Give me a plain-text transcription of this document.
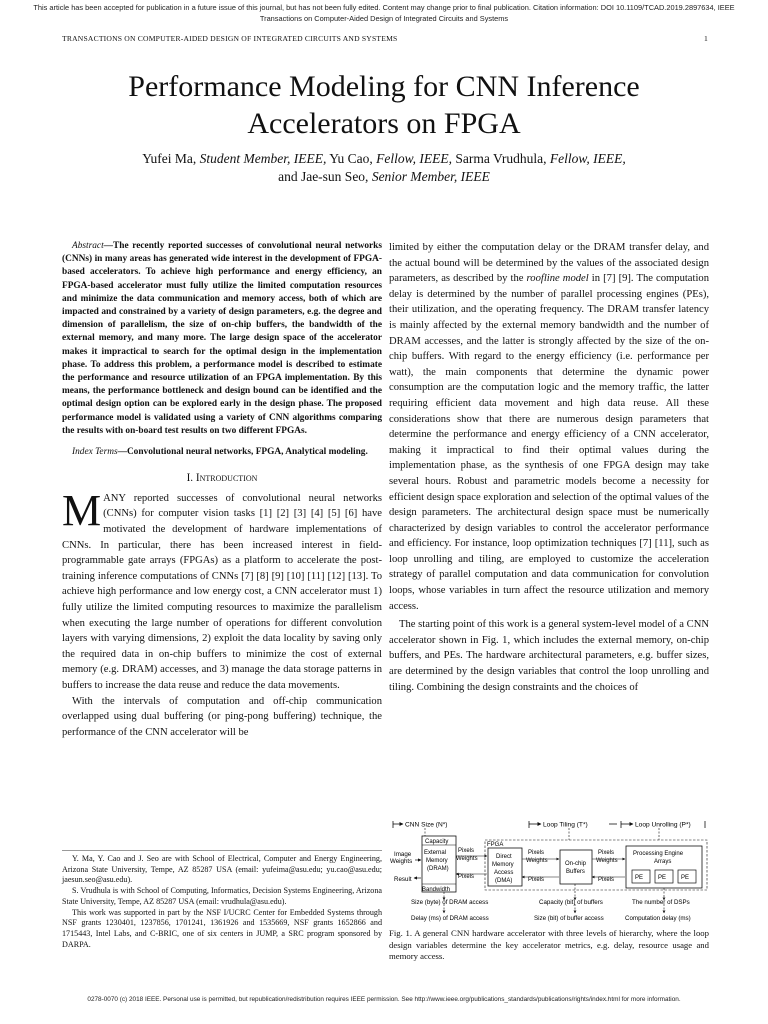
This article has been accepted for publication in a future issue of this journal, but has not been fully edited. Content may change prior to final publication. Citation information: DOI 10.1109/TCAD.2019.2897634, IEEE
Transactions on Computer-Aided Design of Integrated Circuits and Systems
TRANSACTIONS ON COMPUTER-AIDED DESIGN OF INTEGRATED CIRCUITS AND SYSTEMS	1
Performance Modeling for CNN Inference
Accelerators on FPGA
Yufei Ma, Student Member, IEEE, Yu Cao, Fellow, IEEE, Sarma Vrudhula, Fellow, IEEE,
and Jae-sun Seo, Senior Member, IEEE

Abstract—The recently reported successes of convolutional neural networks (CNNs) in many areas has generated wide interest in the development of FPGA-based accelerators. To achieve high performance and energy efficiency, an FPGA-based accelerator must fully utilize the limited computation resources and minimize the data communication and memory access, both of which are impacted and constrained by a variety of design parameters, e.g. the degree and dimension of parallelism, the size of on-chip buffers, the bandwidth of the external memory, and many more. The large design space of the accelerator makes it impractical to search for the optimal design in the implementation phase. To address this problem, a performance model is described to estimate the performance and resource utilization of an FPGA implementation. By this means, the performance bottleneck and design bound can be identified and the optimal design option can be explored early in the design phase. The proposed performance model is validated using a variety of CNN algorithms comparing the results with on-board test results on two different FPGAs.

Index Terms—Convolutional neural networks, FPGA, Analytical modeling.

I. Introduction

MANY reported successes of convolutional neural networks (CNNs) for computer vision tasks [1] [2] [3] [4] [5] [6] have motivated the development of hardware implementations of CNNs. In particular, there has been increased interest in field-programmable gate arrays (FPGAs) as a platform to accelerate the post-training inference computations of CNNs [7] [8] [9] [10] [11] [12] [13]. To achieve high performance and low energy cost, a CNN accelerator must 1) fully utilize the limited computing resources to maximize the parallelism when executing the large number of operations for different convolution layers with varying dimensions, 2) exploit the data locality by saving only the required data in on-chip buffers to minimize the cost of external memory (e.g. DRAM) accesses, and 3) manage the data storage patterns in buffers to increase the data reuse and reduce the data movements.

With the intervals of computation and off-chip communication overlapped using dual buffering (or ping-pong buffering) technique, the performance of the CNN accelerator will be

Y. Ma, Y. Cao and J. Seo are with School of Electrical, Computer and Energy Engineering, Arizona State University, Tempe, AZ 85287 USA (email: yufeima@asu.edu; yu.cao@asu.edu; jaesun.seo@asu.edu).

S. Vrudhula is with School of Computing, Informatics, Decision Systems Engineering, Arizona State University, Tempe, AZ 85287 USA (email: vrudhula@asu.edu).

This work was supported in part by the NSF I/UCRC Center for Embedded Systems through NSF grants 1230401, 1237856, 1701241, 1361926 and 1535669, NSF grants 1652866 and 1715443, Intel Labs, and C-BRIC, one of six centers in JUMP, a SRC program sponsored by DARPA.

limited by either the computation delay or the DRAM transfer delay, and the actual bound will be determined by the values of the associated design parameters, as described by the roofline model in [7] [9]. The computation delay is determined by the number of parallel processing engines (PEs), their utilization, and the operating frequency. The DRAM transfer latency is mainly affected by the external memory bandwidth and the number of DRAM accesses, and the latter is strongly affected by the size of the on-chip buffers. With regard to the energy efficiency (i.e. performance per watt), the main components that determine the dynamic power consumption are the computation logic and the memory traffic, the latter requiring efficient data movement and high data reuse. All these considerations show that there are numerous design parameters that determine the performance and energy efficiency of a CNN accelerator, making it impractical to find their optimal values during the implementation phase, as the synthesis of one FPGA design may take several hours. Robust and parametric models become a necessity for efficient design space exploration and selection of the optimal values of the design parameters. The architectural design space must be numerically characterized by design variables to control the accelerator performance and efficiency. For instance, loop optimization techniques [7] [11], such as loop unrolling and tiling, are employed to customize the acceleration strategy of parallel computation and data communication for convolution loops, whose variables in turn affect the resource utilization and memory access.

The starting point of this work is a general system-level model of a CNN accelerator shown in Fig. 1, which includes the external memory, on-chip buffers, and PEs. The hardware architectural parameters, e.g. buffer sizes, are determined by the design variables that control the loop unrolling and tiling. Combining the design constraints and the choices of

CNN Size (N*)	Loop Tiling (T*)	Loop Unrolling (P*)
FPGA
Image
Weights
Result
Capacity
External
Memory
(DRAM)
Bandwidth
Pixels
Weights
Pixels
Direct
Memory
Access
(DMA)
Pixels
Weights
Pixels
On-chip
Buffers
Pixels
Weights
Pixels
Processing Engine
Arrays
PE PE PE
Size (byte) of DRAM access	Capacity (bit) of buffers	The number of DSPs
Delay (ms) of DRAM access	Size (bit) of buffer access	Computation delay (ms)
Fig. 1. A general CNN hardware accelerator with three levels of hierarchy, where the loop design variables determine the key accelerator metrics, e.g. delay, resource usage and memory access.
0278-0070 (c) 2018 IEEE. Personal use is permitted, but republication/redistribution requires IEEE permission. See http://www.ieee.org/publications_standards/publications/rights/index.html for more information.
